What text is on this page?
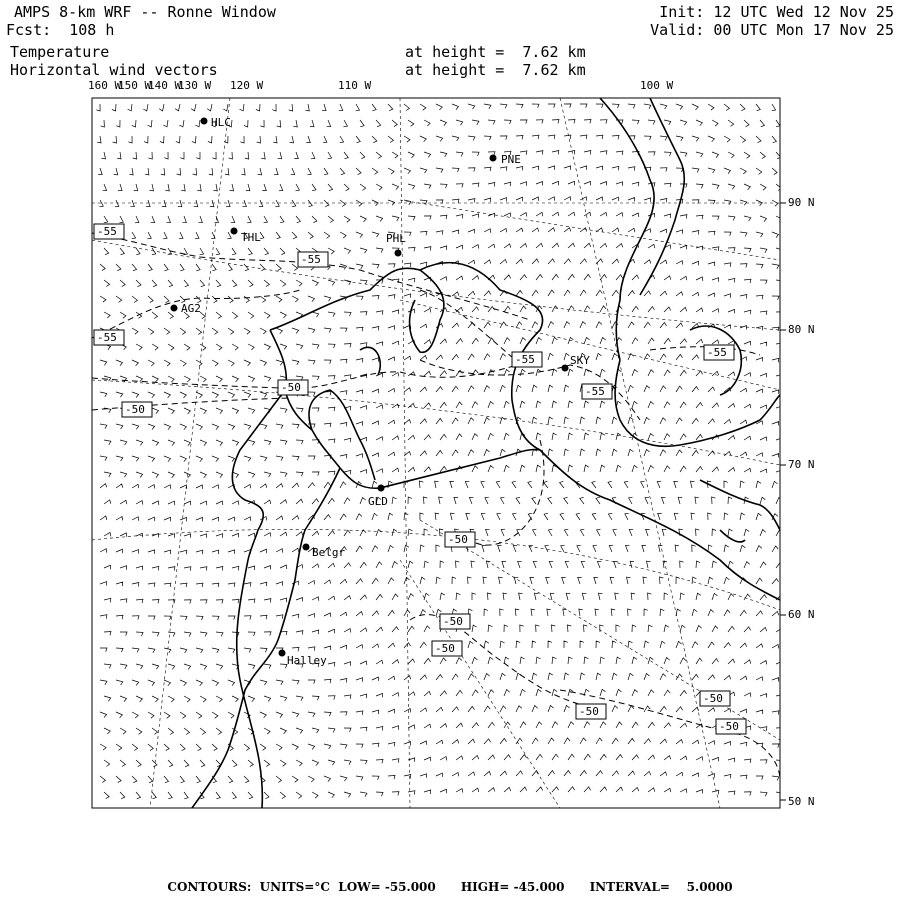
HLC
PNE
THL	PHL
AG2
SKY
GLD
Belgr
Halley
-55
-55
-55
-55
-55
-55
-50
-50
-50
-50
-50
-50
-50
-50
AMPS 8-km WRF -- Ronne Window
Fcst:  108 h
Init: 12 UTC Wed 12 Nov 25
Valid: 00 UTC Mon 17 Nov 25
Temperature
Horizontal wind vectors
at height =  7.62 km
at height =  7.62 km
160 W
150 W
140 W
130 W 120 W	110 W	100 W
90 N
80 N
70 N
60 N
50 N
CONTOURS:  UNITS=°C  LOW= -55.000      HIGH= -45.000      INTERVAL=    5.0000
